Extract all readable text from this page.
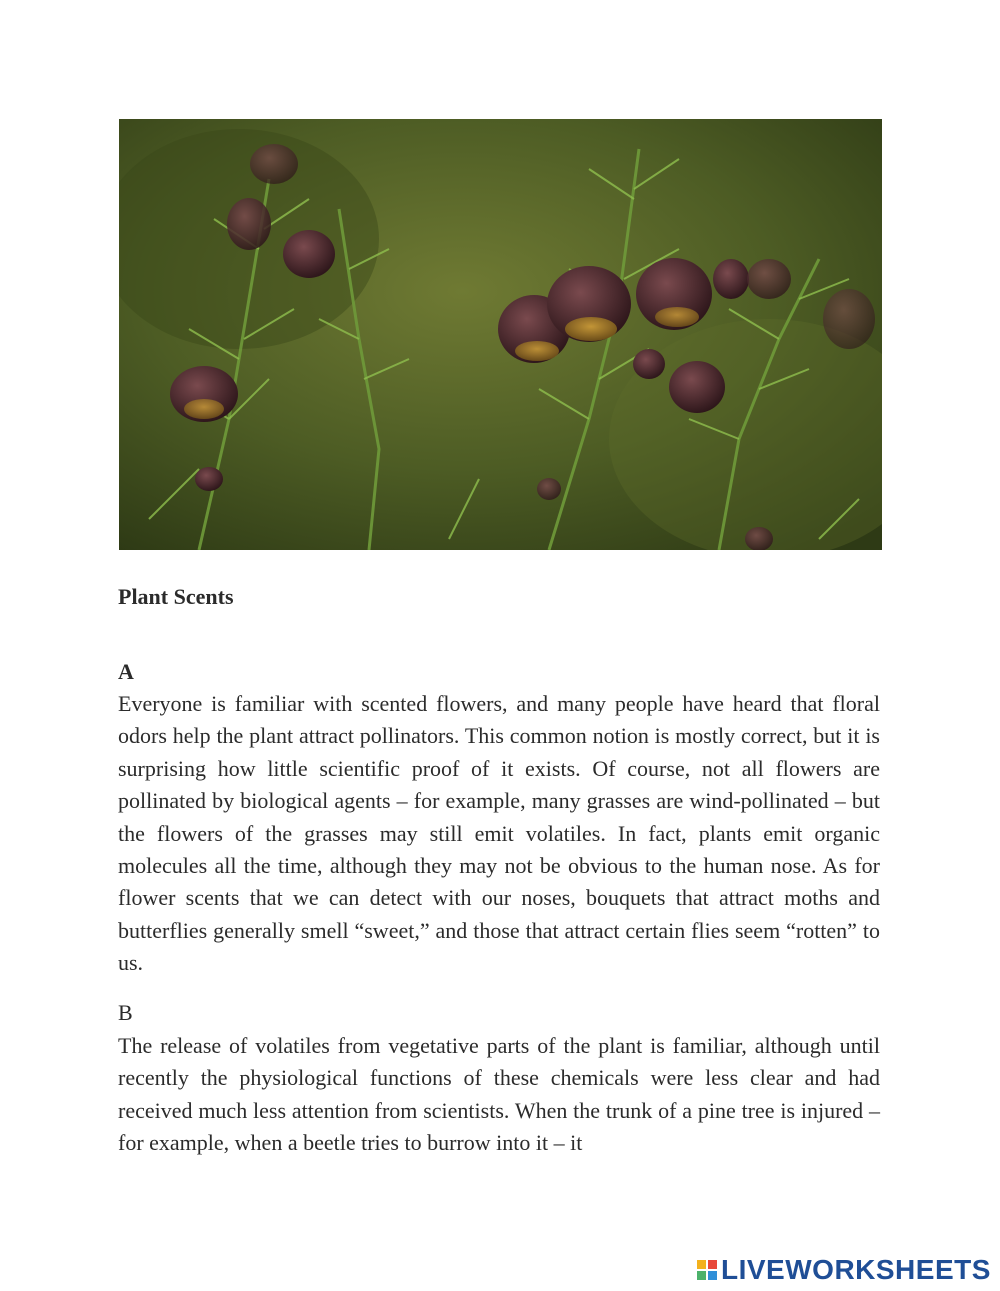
Plant Scents
A
Everyone is familiar with scented flowers, and many people have heard that floral odors help the plant attract pollinators. This common notion is mostly correct, but it is surprising how little scientific proof of it exists. Of course, not all flowers are pollinated by biological agents – for example, many grasses are wind-pollinated – but the flowers of the grasses may still emit volatiles. In fact, plants emit organic molecules all the time, although they may not be obvious to the human nose. As for flower scents that we can detect with our noses, bouquets that attract moths and butterflies generally smell “sweet,” and those that attract certain flies seem “rotten” to us.
B
The release of volatiles from vegetative parts of the plant is familiar, although until recently the physiological functions of these chemicals were less clear and had received much less attention from scientists. When the trunk of a pine tree is injured – for example, when a beetle tries to burrow into it – it
LIVEWORKSHEETS
